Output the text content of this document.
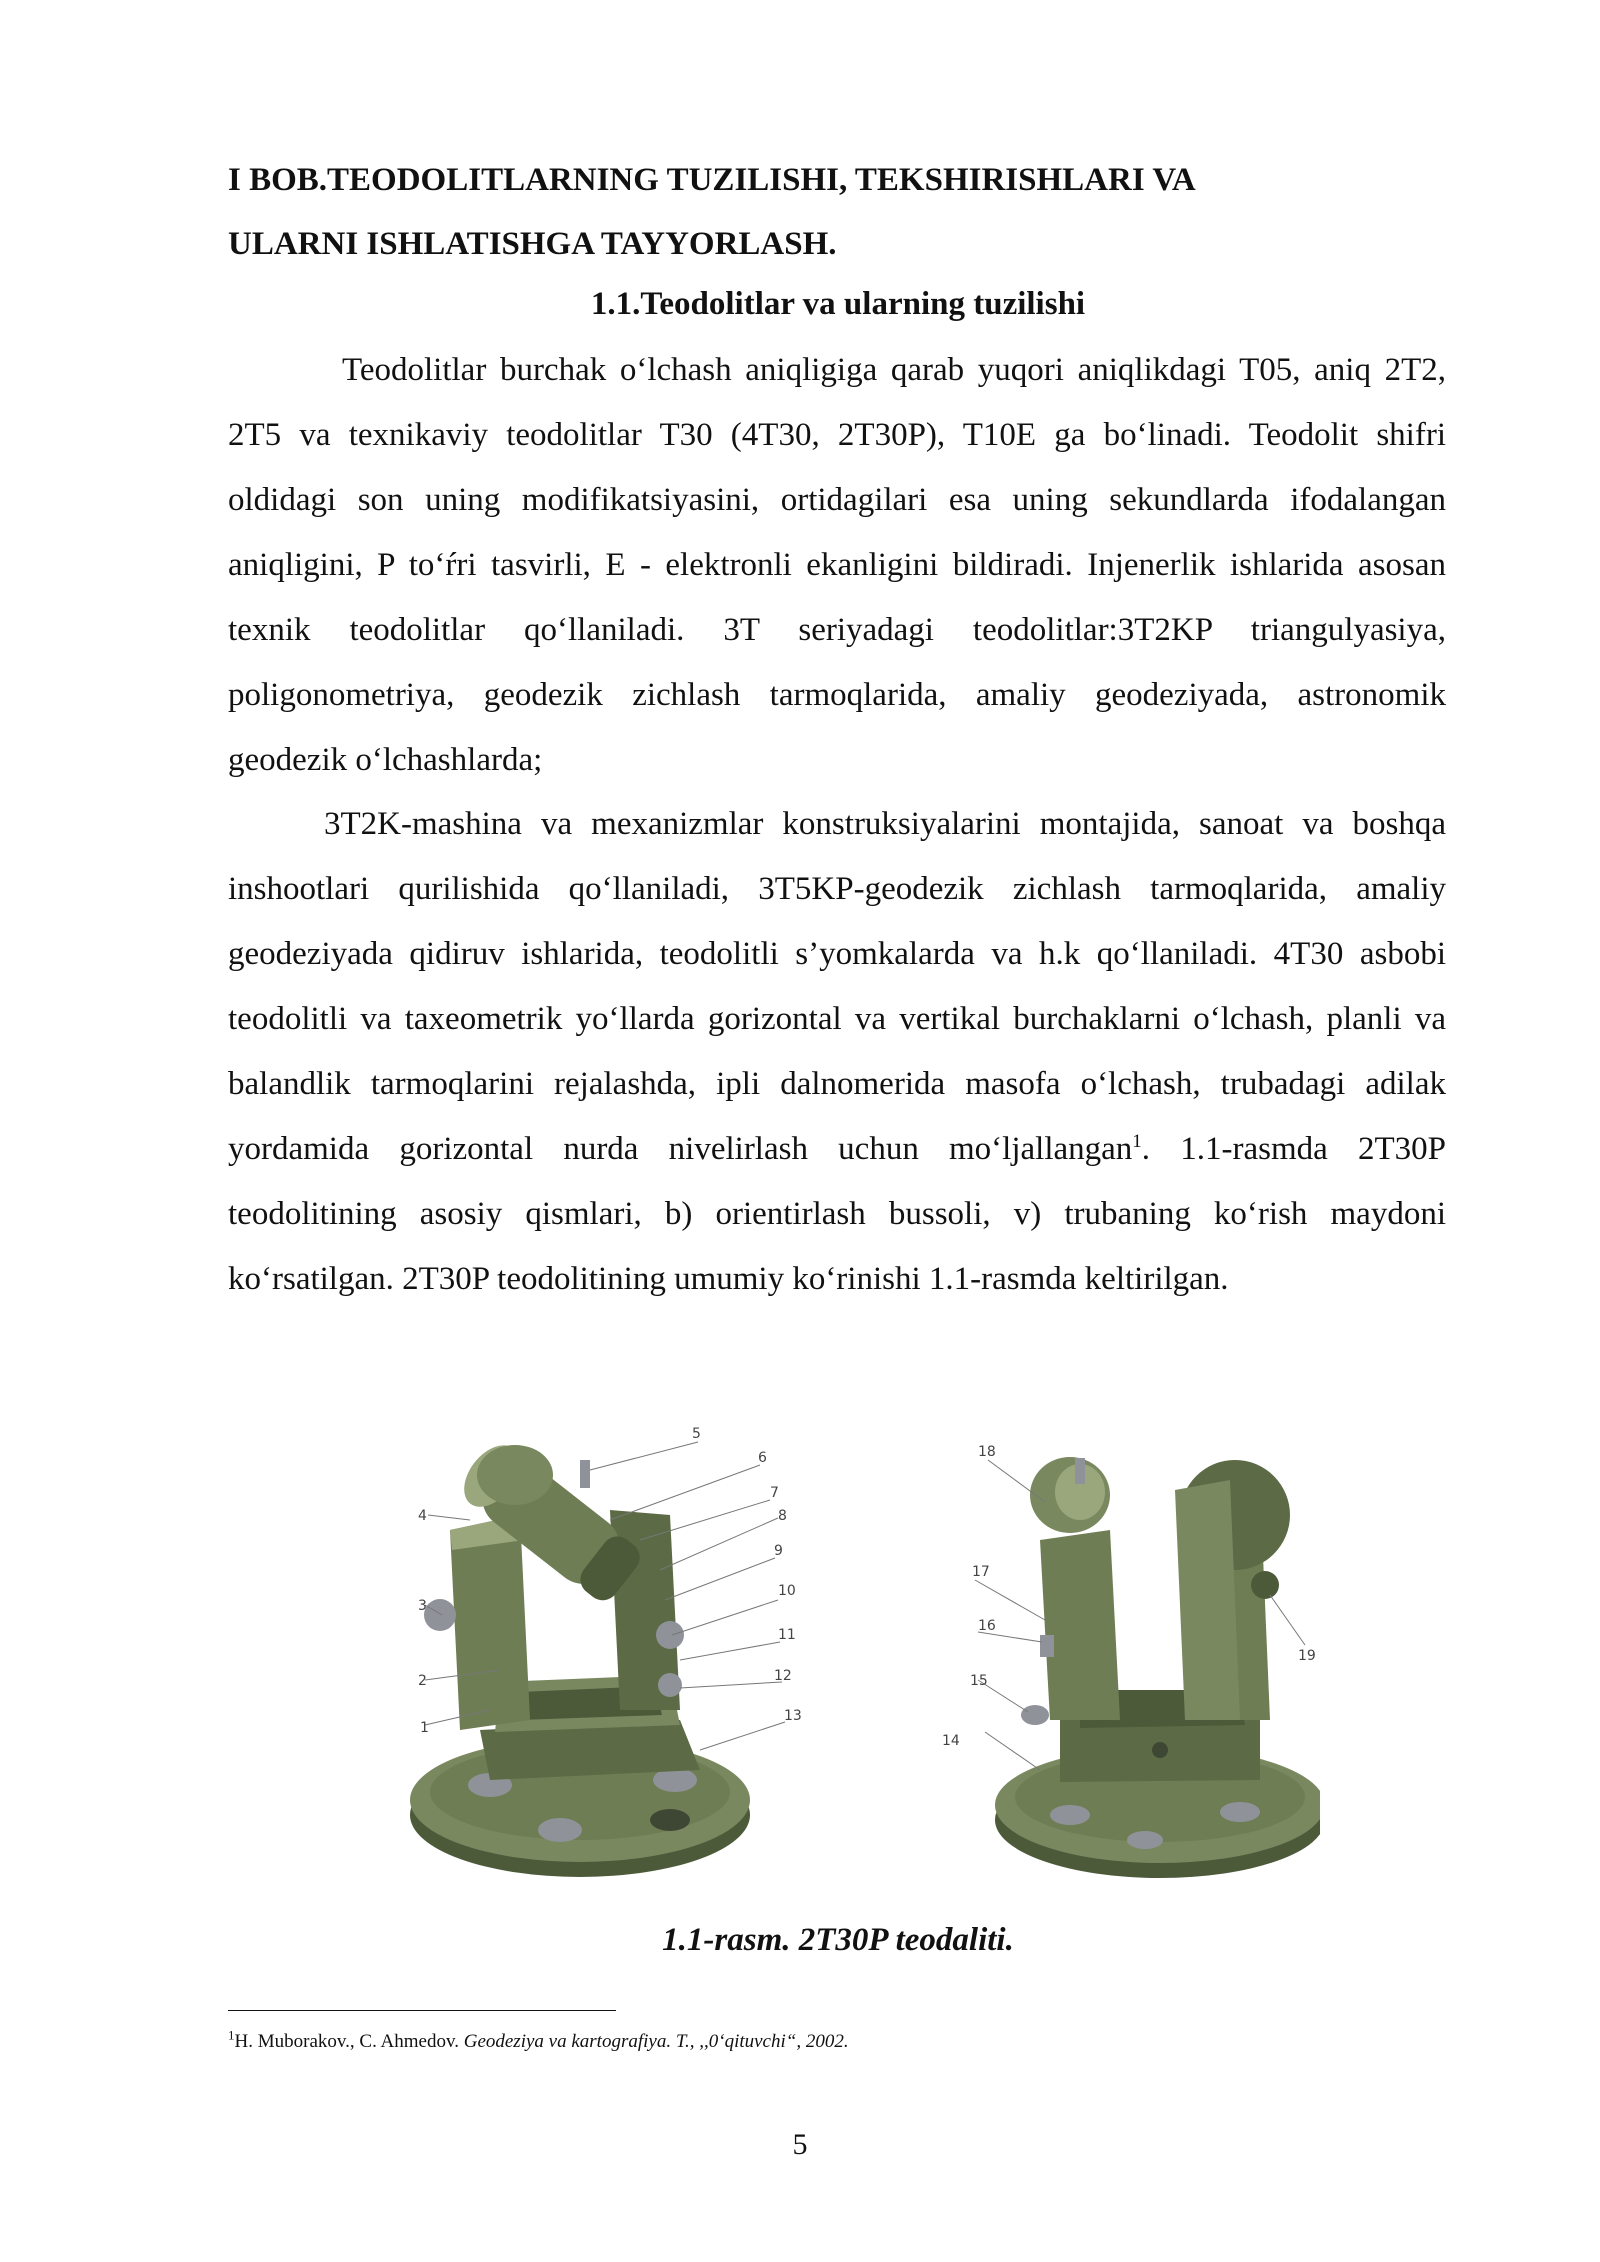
I BOB.TEODOLITLARNING TUZILISHI, TEKSHIRISHLARI VA
ULARNI ISHLATISHGA TAYYORLASH.

1.1.Teodolitlar va ularning tuzilishi

Teodolitlar burchak o‘lchash aniqligiga qarab yuqori aniqlikdagi T05, aniq 2T2, 2T5 va texnikaviy teodolitlar T30 (4T30, 2T30P), T10E ga bo‘linadi. Teodolit shifri oldidagi son uning modifikatsiyasini, ortidagilari esa uning sekundlarda ifodalangan aniqligini, P to‘ŕri tasvirli, E - elektronli ekanligini bildiradi. Injenerlik ishlarida asosan texnik teodolitlar qo‘llaniladi. 3T seriyadagi teodolitlar:3T2KP triangulyasiya, poligonometriya, geodezik zichlash tarmoqlarida, amaliy geodeziyada, astronomik geodezik o‘lchashlarda;

3T2K-mashina va mexanizmlar konstruksiyalarini montajida, sanoat va boshqa inshootlari qurilishida qo‘llaniladi, 3T5KP-geodezik zichlash tarmoqlarida, amaliy geodeziyada qidiruv ishlarida, teodolitli s’yomkalarda va h.k qo‘llaniladi. 4T30 asbobi teodolitli va taxeometrik yo‘llarda gorizontal va vertikal burchaklarni o‘lchash, planli va balandlik tarmoqlarini rejalashda, ipli dalnomerida masofa o‘lchash, trubadagi adilak yordamida gorizontal nurda nivelirlash uchun mo‘ljallangan$^1$. 1.1-rasmda 2T30P teodolitining asosiy qismlari, b) orientirlash bussoli, v) trubaning ko‘rish maydoni ko‘rsatilgan. 2T30P teodolitining umumiy ko‘rinishi 1.1-rasmda keltirilgan.

1
2
3
4
5
6
7
8
9
10
11
12
13
14
15
16
17
18
19

1.1-rasm. 2T30P teodaliti.

$^1$H. Muborakov., C. Ahmedov. Geodeziya va kartografiya. T., ,,0‘qituvchi“, 2002.

5
